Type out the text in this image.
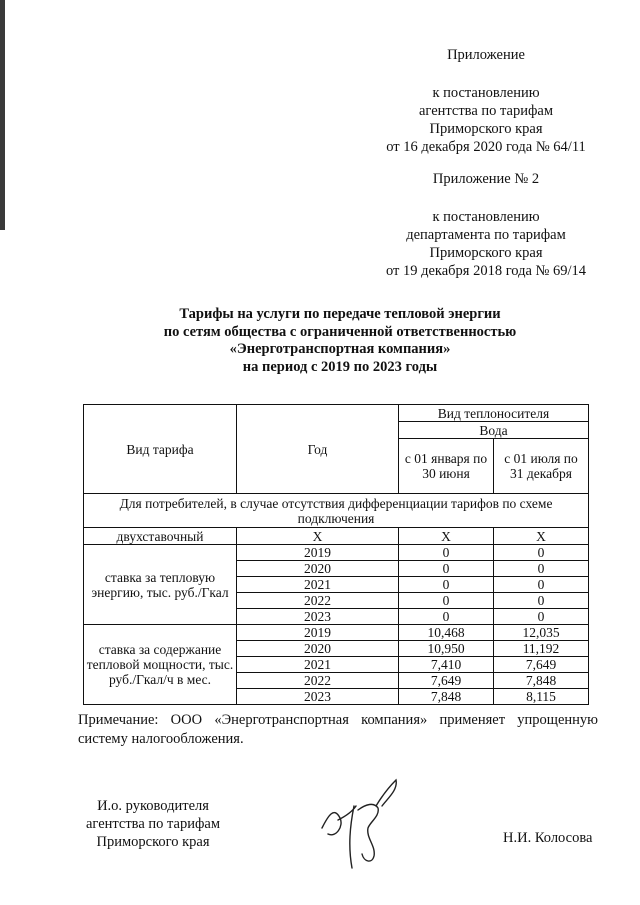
Приложение
к постановлению
агентства по тарифам
Приморского края
от 16 декабря 2020 года № 64/11
Приложение № 2
к постановлению
департамента по тарифам
Приморского края
от 19 декабря 2018 года № 69/14
Тарифы на услуги по передаче тепловой энергии
по сетям общества с ограниченной ответственностью
«Энерготранспортная компания»
на период с 2019 по 2023 годы
Вид тарифа	Год	Вид теплоносителя	
		Вода	
		с 01 января по 30 июня	с 01 июля по 31 декабря
Для потребителей, в случае отсутствия дифференциации тарифов по схеме подключения			
двухставочный	Х	Х	Х
ставка за тепловую энергию, тыс. руб./Гкал	2019	0	0
	2020	0	0
	2021	0	0
	2022	0	0
	2023	0	0
ставка за содержание тепловой мощности, тыс. руб./Гкал/ч в мес.	2019	10,468	12,035
	2020	10,950	11,192
	2021	7,410	7,649
	2022	7,649	7,848
	2023	7,848	8,115
Примечание: ООО «Энерготранспортная компания» применяет упрощенную систему налогообложения.
И.о. руководителя
агентства по тарифам
Приморского края	Н.И. Колосова
